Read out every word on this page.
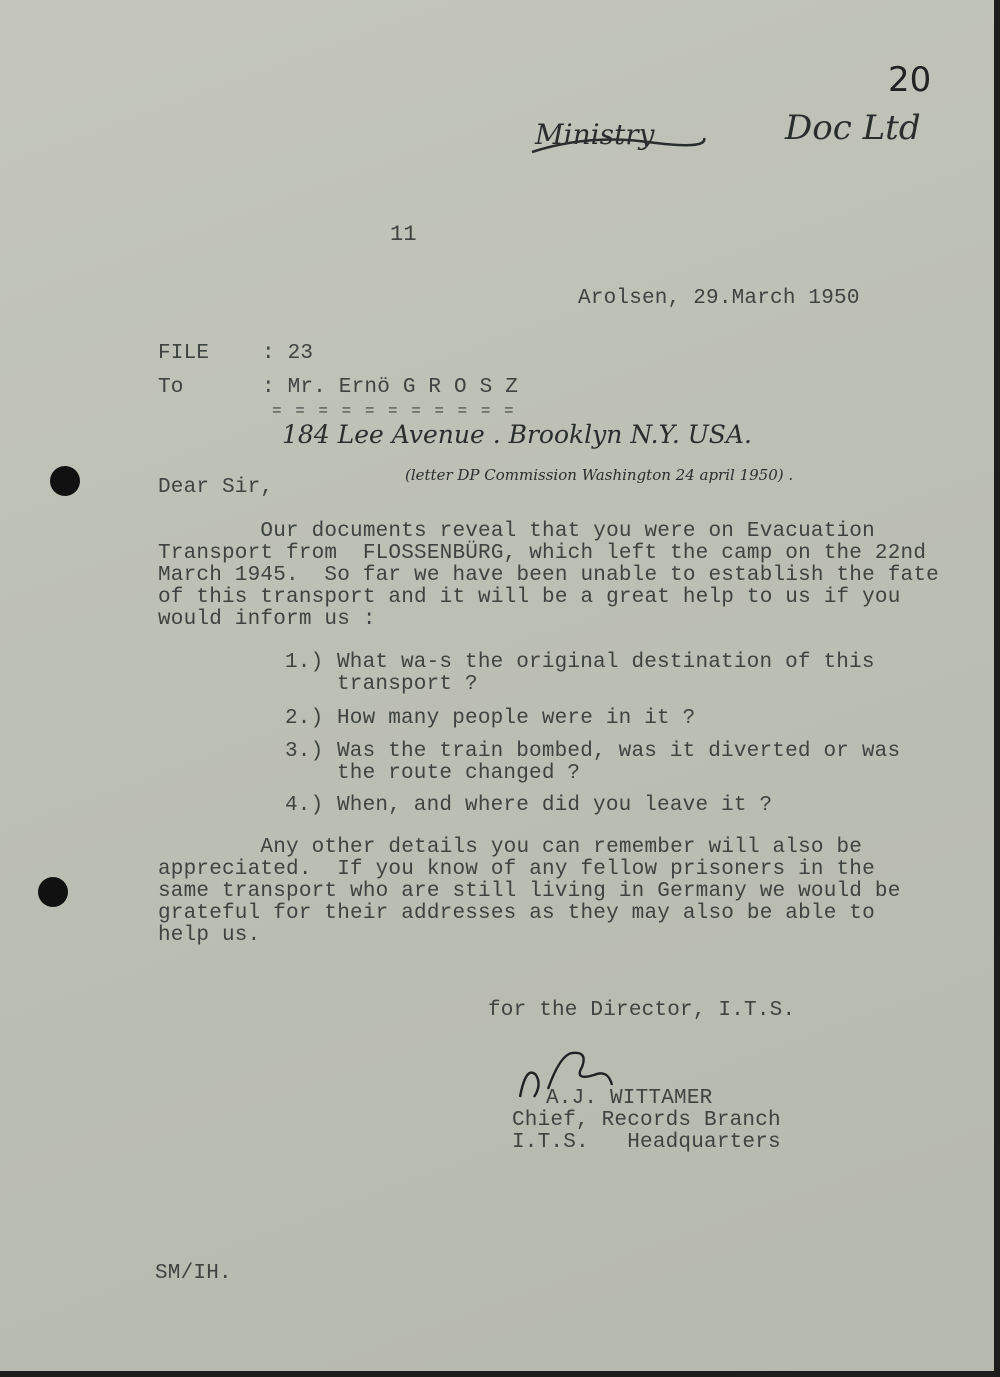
20
Ministry	Doc Ltd
11
Arolsen, 29.March 1950
FILE	: 23
To	: Mr. Ernö G R O S Z
= = = = = = = = = = =
184 Lee Avenue . Brooklyn N.Y. USA.
(letter DP Commission Washington 24 april 1950) .
Dear Sir,
Our documents reveal that you were on Evacuation
Transport from  FLOSSENBÜRG, which left the camp on the 22nd
March 1945.  So far we have been unable to establish the fate
of this transport and it will be a great help to us if you
would inform us :
1.) What wa-s the original destination of this
transport ?
2.) How many people were in it ?
3.) Was the train bombed, was it diverted or was
the route changed ?
4.) When, and where did you leave it ?
Any other details you can remember will also be
appreciated.  If you know of any fellow prisoners in the
same transport who are still living in Germany we would be
grateful for their addresses as they may also be able to
help us.
for the Director, I.T.S.
A.J. WITTAMER
Chief, Records Branch
I.T.S.   Headquarters
SM/IH.
